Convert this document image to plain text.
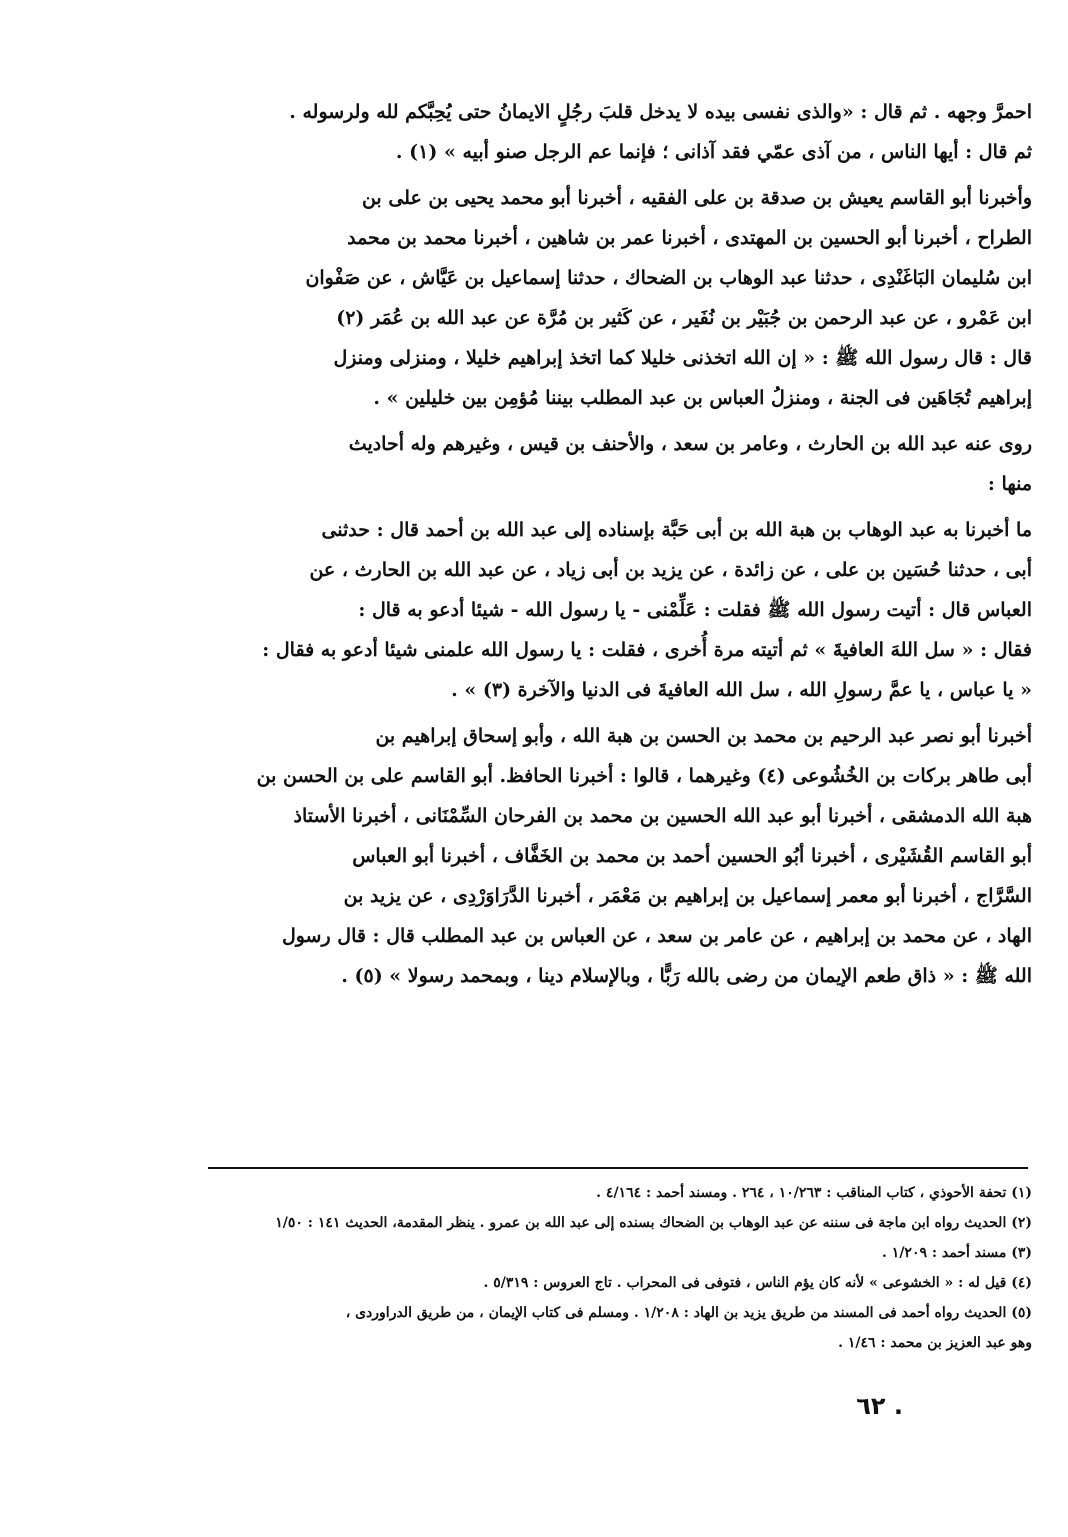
احمرَّ وجهه . ثم قال : «والذى نفسى بيده لا يدخل قلبَ رجُلٍ الايمانُ حتى يُحِبَّكم لله ولرسوله .
ثم قال : أيها الناس ، من آذى عمّي فقد آذانى ؛ فإنما عم الرجل صنو أبيه » (١) .
وأخبرنا أبو القاسم يعيش بن صدقة بن على الفقيه ، أخبرنا أبو محمد يحيى بن على بن
الطراح ، أخبرنا أبو الحسين بن المهتدى ، أخبرنا عمر بن شاهين ، أخبرنا محمد بن محمد
ابن سُليمان البَاغَنْدِى ، حدثنا عبد الوهاب بن الضحاك ، حدثنا إسماعيل بن عَيَّاش ، عن صَفْوان
ابن عَمْرو ، عن عبد الرحمن بن جُبَيْر بن نُفَير ، عن كَثير بن مُرَّة عن عبد الله بن عُمَر (٢)
قال : قال رسول الله ﷺ : « إن الله اتخذنى خليلا كما اتخذ إبراهيم خليلا ، ومنزلى ومنزل
إبراهيم تُجَاهَين فى الجنة ، ومنزلُ العباس بن عبد المطلب بيننا مُؤمِن بين خليلين » .
روى عنه عبد الله بن الحارث ، وعامر بن سعد ، والأحنف بن قيس ، وغيرهم وله أحاديث
منها :
ما أخبرنا به عبد الوهاب بن هبة الله بن أبى حَبَّة بإسناده إلى عبد الله بن أحمد قال : حدثنى
أبى ، حدثنا حُسَين بن على ، عن زائدة ، عن يزيد بن أبى زياد ، عن عبد الله بن الحارث ، عن
العباس قال : أتيت رسول الله ﷺ فقلت : عَلِّمْنى - يا رسول الله - شيئا أدعو به قال :
فقال : « سل اللهَ العافيةَ » ثم أتيته مرة أُخرى ، فقلت : يا رسول الله علمنى شيئا أدعو به فقال :
« يا عباس ، يا عمَّ رسولِ الله ، سل الله العافيةَ فى الدنيا والآخرة (٣) » .
أخبرنا أبو نصر عبد الرحيم بن محمد بن الحسن بن هبة الله ، وأبو إسحاق إبراهيم بن
أبى طاهر بركات بن الخُشُوعى (٤) وغيرهما ، قالوا : أخبرنا الحافظ. أبو القاسم على بن الحسن بن
هبة الله الدمشقى ، أخبرنا أبو عبد الله الحسين بن محمد بن الفرحان السِّمْنَانى ، أخبرنا الأستاذ
أبو القاسم القُشَيْرى ، أخبرنا أبُو الحسين أحمد بن محمد بن الخَفَّاف ، أخبرنا أبو العباس
السَّرَّاج ، أخبرنا أبو معمر إسماعيل بن إبراهيم بن مَعْمَر ، أخبرنا الدَّرَاوَرْدِى ، عن يزيد بن
الهاد ، عن محمد بن إبراهيم ، عن عامر بن سعد ، عن العباس بن عبد المطلب قال : قال رسول
الله ﷺ : « ذاق طعم الإيمان من رضى بالله رَبًّا ، وبالإسلام دينا ، وبمحمد رسولا » (٥) .
(١) تحفة الأحوذي ، كتاب المناقب : ١٠/٢٦٣ ، ٢٦٤ . ومسند أحمد : ٤/١٦٤ .
(٢) الحديث رواه ابن ماجة فى سننه عن عبد الوهاب بن الضحاك بسنده إلى عبد الله بن عمرو . ينظر المقدمة، الحديث ١٤١ : ١/٥٠
(٣) مسند أحمد : ١/٢٠٩ .
(٤) قيل له : « الخشوعى » لأنه كان يؤم الناس ، فتوفى فى المحراب . تاج العروس : ٥/٣١٩ .
(٥) الحديث رواه أحمد فى المسند من طريق يزيد بن الهاد : ١/٢٠٨ . ومسلم فى كتاب الإيمان ، من طريق الدراوردى ،
وهو عبد العزيز بن محمد : ١/٤٦ .
. ٦٢
